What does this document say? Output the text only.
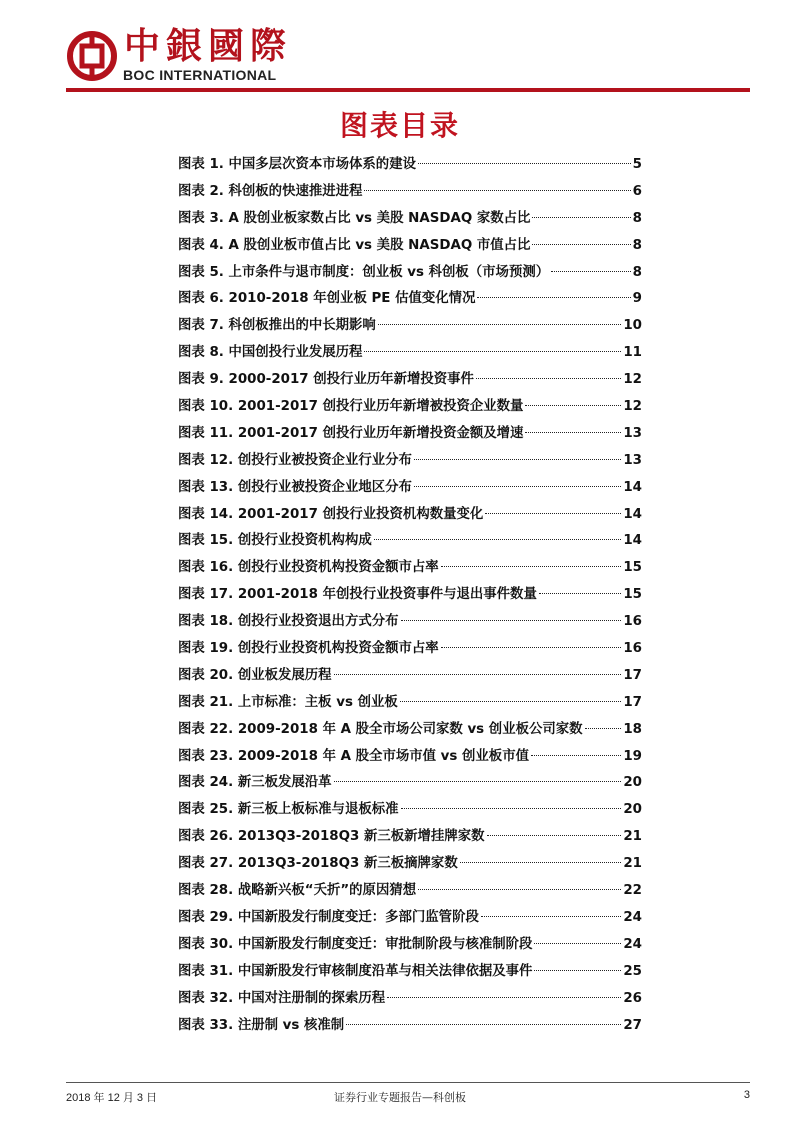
中銀國際
BOC INTERNATIONAL
图表目录
图表 1. 中国多层次资本市场体系的建设	5
图表 2. 科创板的快速推进进程	6
图表 3. A 股创业板家数占比 vs 美股 NASDAQ 家数占比	8
图表 4. A 股创业板市值占比 vs 美股 NASDAQ 市值占比	8
图表 5. 上市条件与退市制度：创业板 vs 科创板（市场预测）	8
图表 6. 2010-2018 年创业板 PE 估值变化情况	9
图表 7. 科创板推出的中长期影响	10
图表 8. 中国创投行业发展历程	11
图表 9. 2000-2017 创投行业历年新增投资事件	12
图表 10. 2001-2017 创投行业历年新增被投资企业数量	12
图表 11. 2001-2017 创投行业历年新增投资金额及增速	13
图表 12. 创投行业被投资企业行业分布	13
图表 13. 创投行业被投资企业地区分布	14
图表 14. 2001-2017 创投行业投资机构数量变化	14
图表 15. 创投行业投资机构构成	14
图表 16. 创投行业投资机构投资金额市占率	15
图表 17. 2001-2018 年创投行业投资事件与退出事件数量	15
图表 18. 创投行业投资退出方式分布	16
图表 19. 创投行业投资机构投资金额市占率	16
图表 20. 创业板发展历程	17
图表 21. 上市标准：主板 vs 创业板	17
图表 22. 2009-2018 年 A 股全市场公司家数 vs 创业板公司家数	18
图表 23. 2009-2018 年 A 股全市场市值 vs 创业板市值	19
图表 24. 新三板发展沿革	20
图表 25. 新三板上板标准与退板标准	20
图表 26. 2013Q3-2018Q3 新三板新增挂牌家数	21
图表 27. 2013Q3-2018Q3 新三板摘牌家数	21
图表 28. 战略新兴板“夭折”的原因猜想	22
图表 29. 中国新股发行制度变迁：多部门监管阶段	24
图表 30. 中国新股发行制度变迁：审批制阶段与核准制阶段	24
图表 31. 中国新股发行审核制度沿革与相关法律依据及事件	25
图表 32. 中国对注册制的探索历程	26
图表 33. 注册制 vs 核准制	27
2018 年 12 月 3 日	证券行业专题报告—科创板	3
